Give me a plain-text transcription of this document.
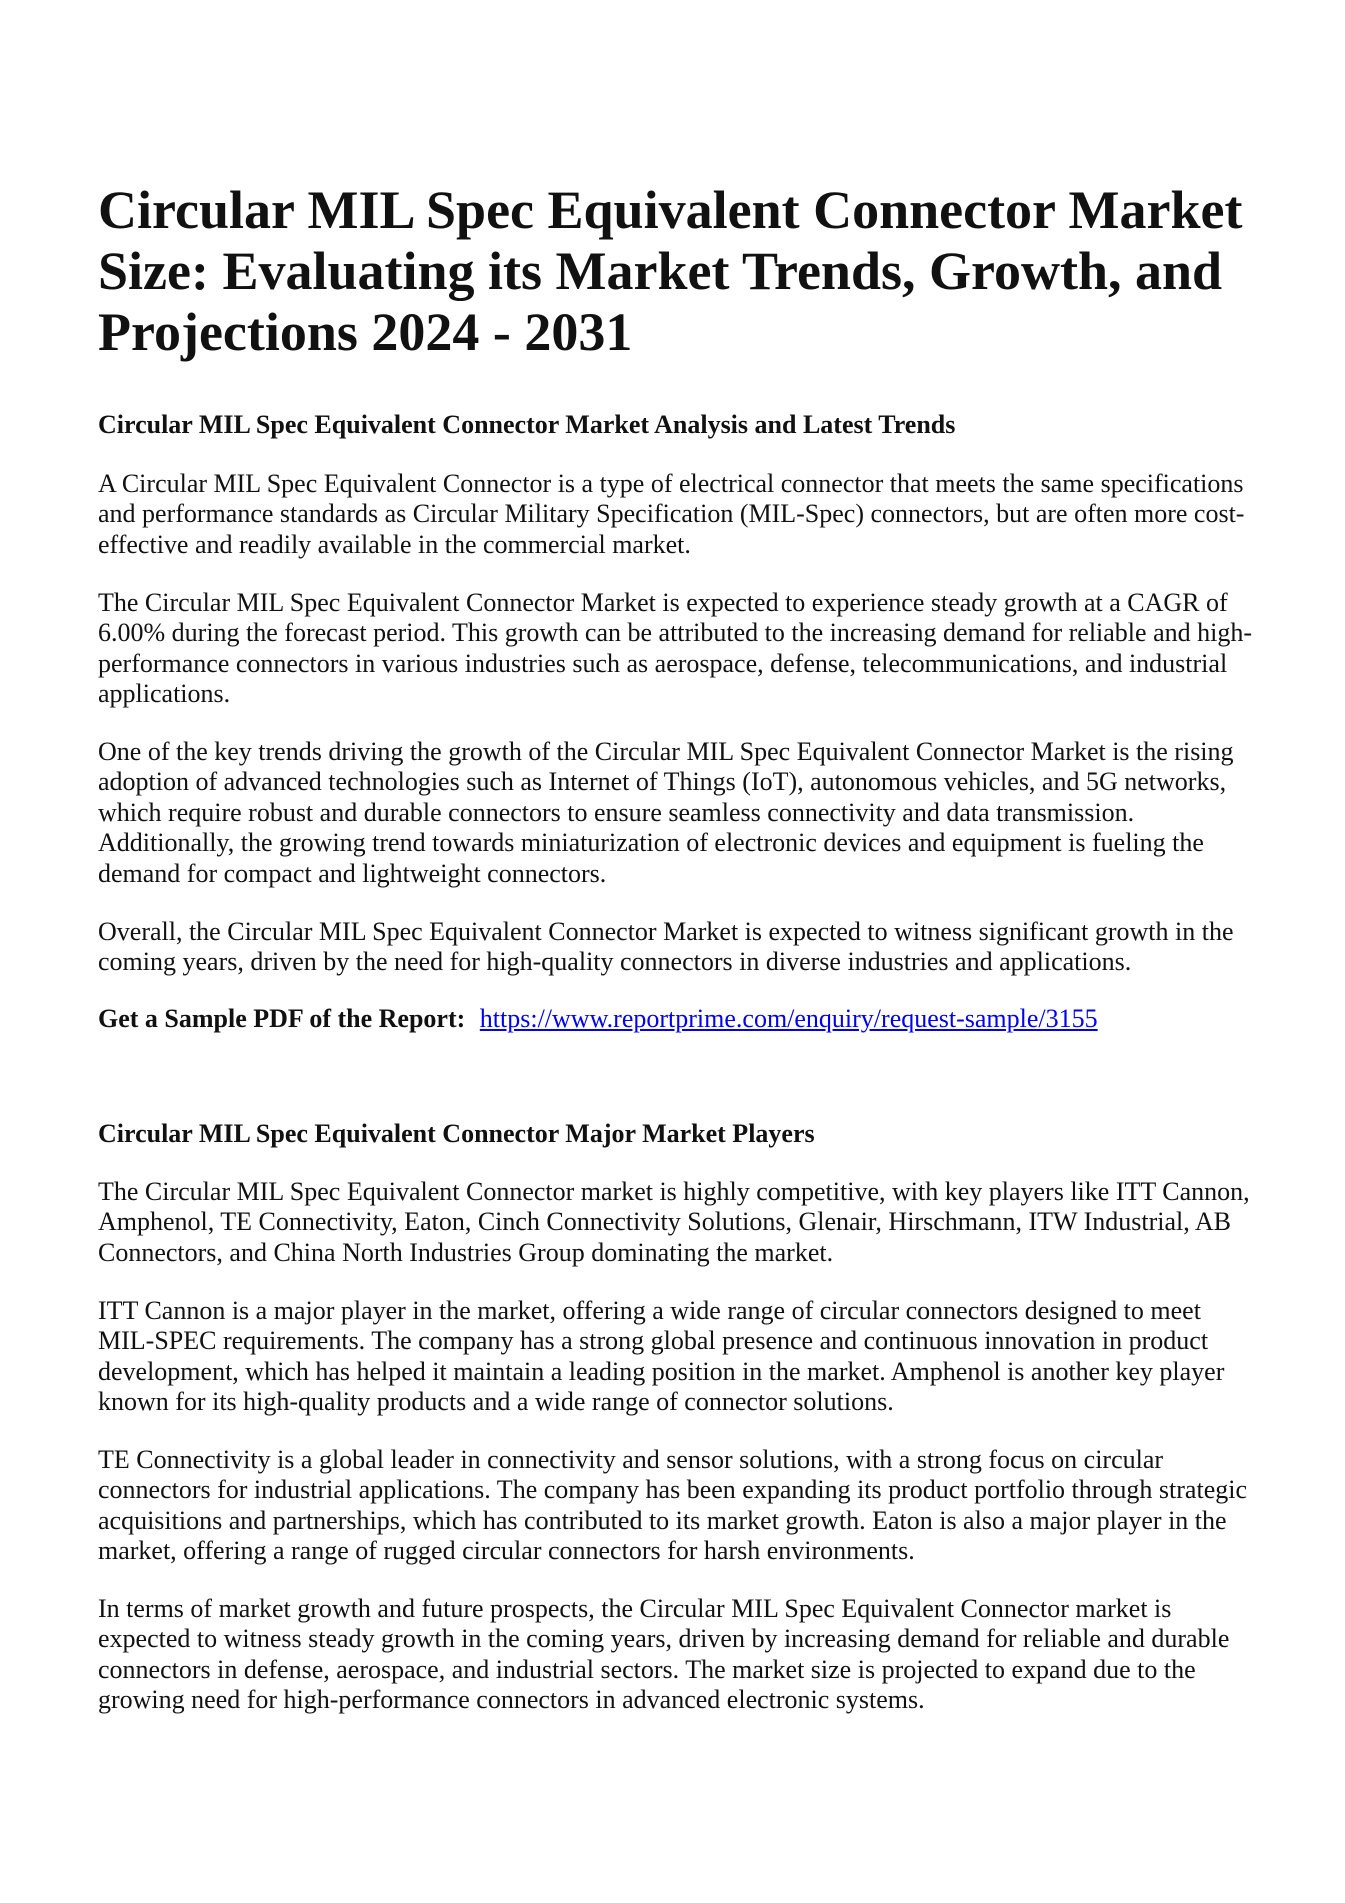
Circular MIL Spec Equivalent Connector Market Size: Evaluating its Market Trends, Growth, and Projections 2024 - 2031
Circular MIL Spec Equivalent Connector Market Analysis and Latest Trends

A Circular MIL Spec Equivalent Connector is a type of electrical connector that meets the same specifications and performance standards as Circular Military Specification (MIL-Spec) connectors, but are often more cost-effective and readily available in the commercial market.

The Circular MIL Spec Equivalent Connector Market is expected to experience steady growth at a CAGR of 6.00% during the forecast period. This growth can be attributed to the increasing demand for reliable and high-performance connectors in various industries such as aerospace, defense, telecommunications, and industrial applications.

One of the key trends driving the growth of the Circular MIL Spec Equivalent Connector Market is the rising adoption of advanced technologies such as Internet of Things (IoT), autonomous vehicles, and 5G networks, which require robust and durable connectors to ensure seamless connectivity and data transmission. Additionally, the growing trend towards miniaturization of electronic devices and equipment is fueling the demand for compact and lightweight connectors.

Overall, the Circular MIL Spec Equivalent Connector Market is expected to witness significant growth in the coming years, driven by the need for high-quality connectors in diverse industries and applications.

Get a Sample PDF of the Report: https://www.reportprime.com/enquiry/request-sample/3155

Circular MIL Spec Equivalent Connector Major Market Players

The Circular MIL Spec Equivalent Connector market is highly competitive, with key players like ITT Cannon, Amphenol, TE Connectivity, Eaton, Cinch Connectivity Solutions, Glenair, Hirschmann, ITW Industrial, AB Connectors, and China North Industries Group dominating the market.

ITT Cannon is a major player in the market, offering a wide range of circular connectors designed to meet MIL-SPEC requirements. The company has a strong global presence and continuous innovation in product development, which has helped it maintain a leading position in the market. Amphenol is another key player known for its high-quality products and a wide range of connector solutions.

TE Connectivity is a global leader in connectivity and sensor solutions, with a strong focus on circular connectors for industrial applications. The company has been expanding its product portfolio through strategic acquisitions and partnerships, which has contributed to its market growth. Eaton is also a major player in the market, offering a range of rugged circular connectors for harsh environments.

In terms of market growth and future prospects, the Circular MIL Spec Equivalent Connector market is expected to witness steady growth in the coming years, driven by increasing demand for reliable and durable connectors in defense, aerospace, and industrial sectors. The market size is projected to expand due to the growing need for high-performance connectors in advanced electronic systems.
